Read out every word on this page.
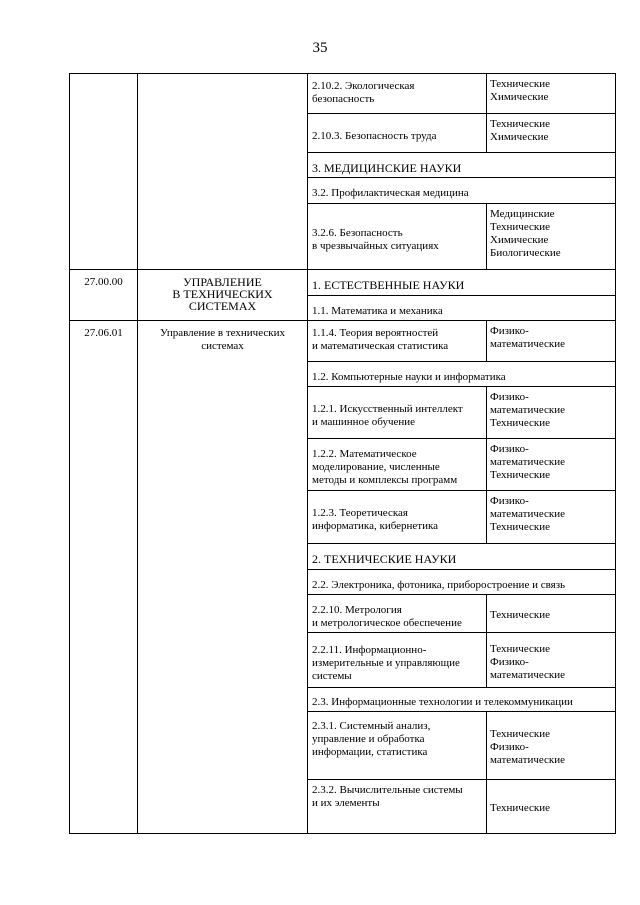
35

		2.10.2. Экологическая
безопасность	Технические
Химические

		2.10.3. Безопасность труда	Технические
Химические

		3. МЕДИЦИНСКИЕ НАУКИ	

		3.2. Профилактическая медицина	

		3.2.6. Безопасность
в чрезвычайных ситуациях	Медицинские
Технические
Химические
Биологические

27.00.00	УПРАВЛЕНИЕ
В ТЕХНИЧЕСКИХ
СИСТЕМАХ	1. ЕСТЕСТВЕННЫЕ НАУКИ	

		1.1. Математика и механика	

27.06.01	Управление в технических
системах	1.1.4. Теория вероятностей
и математическая статистика	Физико-
математические

		1.2. Компьютерные науки и информатика	

		1.2.1. Искусственный интеллект
и машинное обучение	Физико-
математические
Технические

		1.2.2. Математическое
моделирование, численные
методы и комплексы программ	Физико-
математические
Технические

		1.2.3. Теоретическая
информатика, кибернетика	Физико-
математические
Технические

		2. ТЕХНИЧЕСКИЕ НАУКИ	

		2.2. Электроника, фотоника, приборостроение и связь	

		2.2.10. Метрология
и метрологическое обеспечение	Технические

		2.2.11. Информационно-
измерительные и управляющие
системы	Технические
Физико-
математические

		2.3. Информационные технологии и телекоммуникации	

		2.3.1. Системный анализ,
управление и обработка
информации, статистика	Технические
Физико-
математические

		2.3.2. Вычислительные системы
и их элементы	Технические
